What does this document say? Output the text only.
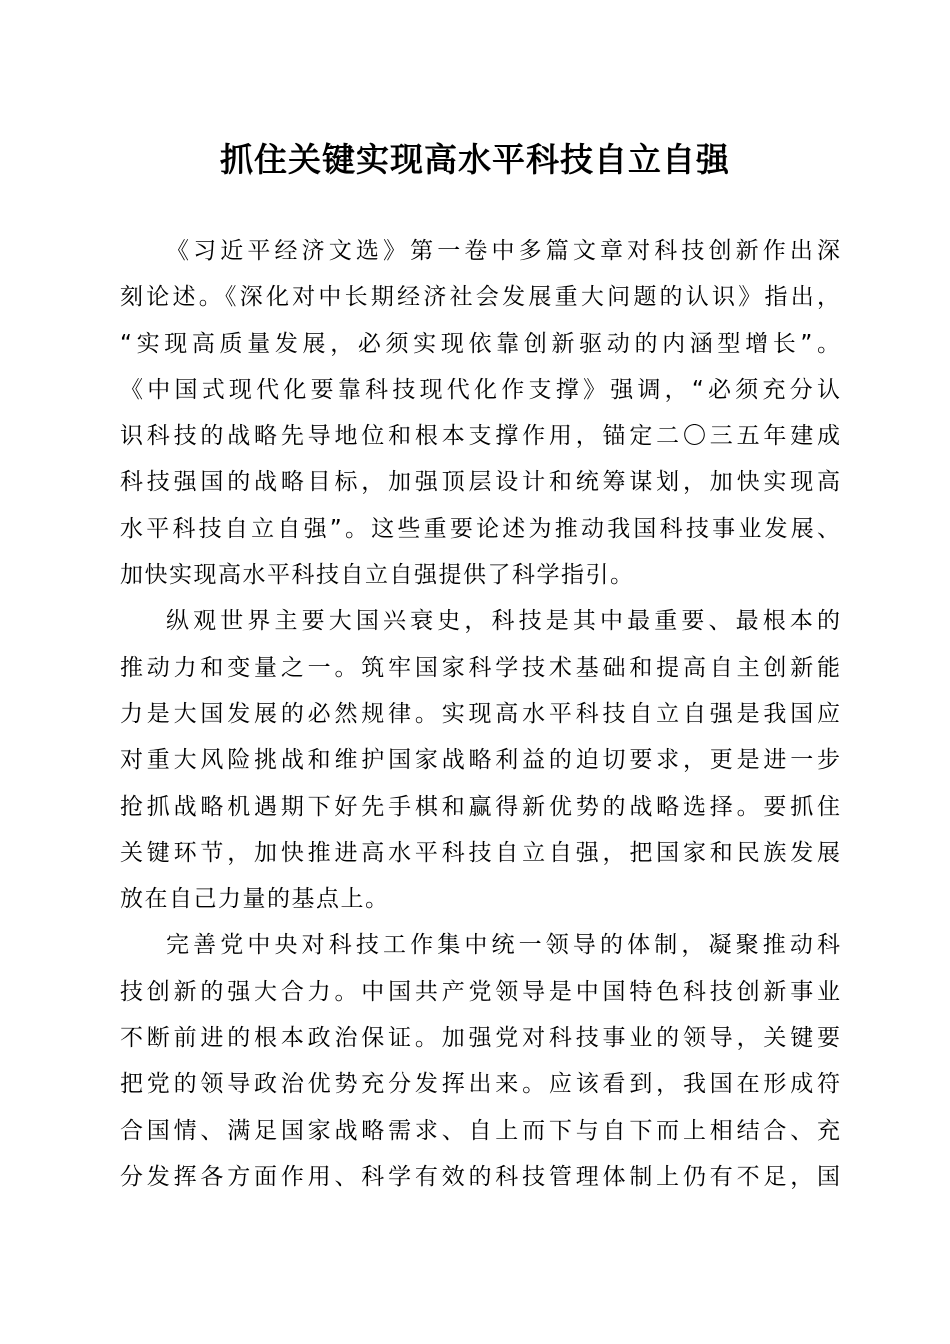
抓住关键实现高水平科技自立自强
《习近平经济文选》第一卷中多篇文章对科技创新作出深
刻论述。《深化对中长期经济社会发展重大问题的认识》指出，
“实现高质量发展，必须实现依靠创新驱动的内涵型增长”。
《中国式现代化要靠科技现代化作支撑》强调，“必须充分认
识科技的战略先导地位和根本支撑作用，锚定二〇三五年建成
科技强国的战略目标，加强顶层设计和统筹谋划，加快实现高
水平科技自立自强”。这些重要论述为推动我国科技事业发展、
加快实现高水平科技自立自强提供了科学指引。
纵观世界主要大国兴衰史，科技是其中最重要、最根本的
推动力和变量之一。筑牢国家科学技术基础和提高自主创新能
力是大国发展的必然规律。实现高水平科技自立自强是我国应
对重大风险挑战和维护国家战略利益的迫切要求，更是进一步
抢抓战略机遇期下好先手棋和赢得新优势的战略选择。要抓住
关键环节，加快推进高水平科技自立自强，把国家和民族发展
放在自己力量的基点上。
完善党中央对科技工作集中统一领导的体制，凝聚推动科
技创新的强大合力。中国共产党领导是中国特色科技创新事业
不断前进的根本政治保证。加强党对科技事业的领导，关键要
把党的领导政治优势充分发挥出来。应该看到，我国在形成符
合国情、满足国家战略需求、自上而下与自下而上相结合、充
分发挥各方面作用、科学有效的科技管理体制上仍有不足，国
